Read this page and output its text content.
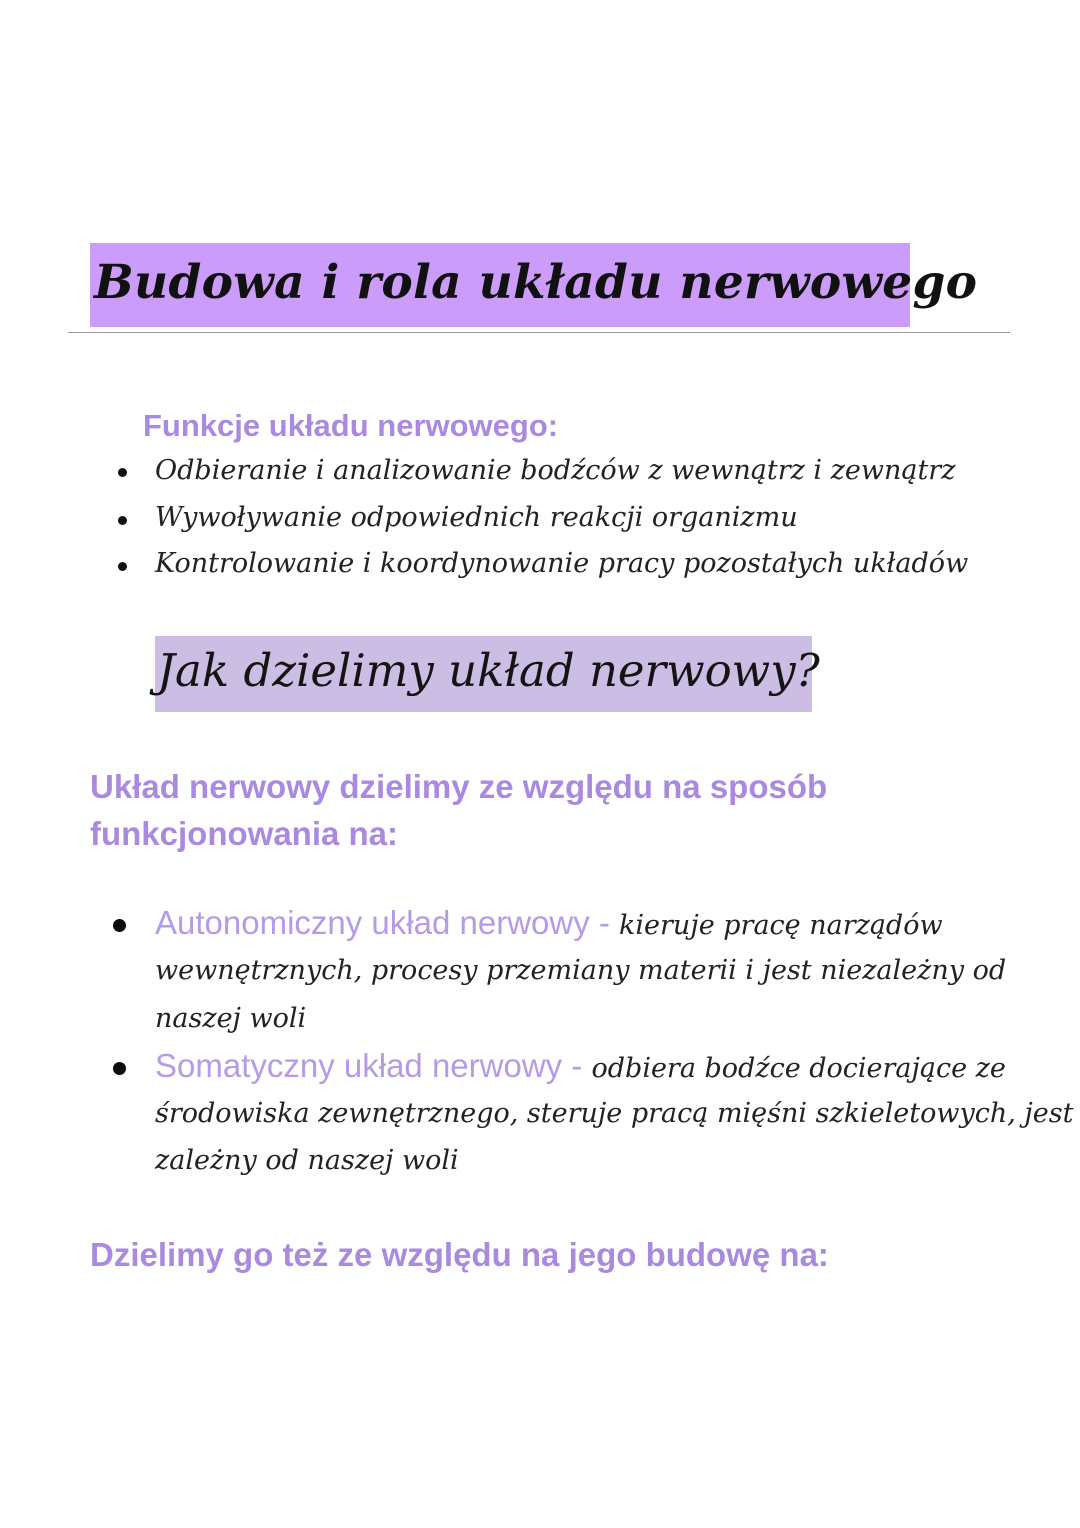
Budowa i rola układu nerwowego
Funkcje układu nerwowego:
Odbieranie i analizowanie bodźców z wewnątrz i zewnątrz
Wywoływanie odpowiednich reakcji organizmu
Kontrolowanie i koordynowanie pracy pozostałych układów
Jak dzielimy układ nerwowy?
Układ nerwowy dzielimy ze względu na sposób
funkcjonowania na:
Autonomiczny układ nerwowy - kieruje pracę narządów
wewnętrznych, procesy przemiany materii i jest niezależny od
naszej woli
Somatyczny układ nerwowy - odbiera bodźce docierające ze
środowiska zewnętrznego, steruje pracą mięśni szkieletowych, jest
zależny od naszej woli
Dzielimy go też ze względu na jego budowę na:
